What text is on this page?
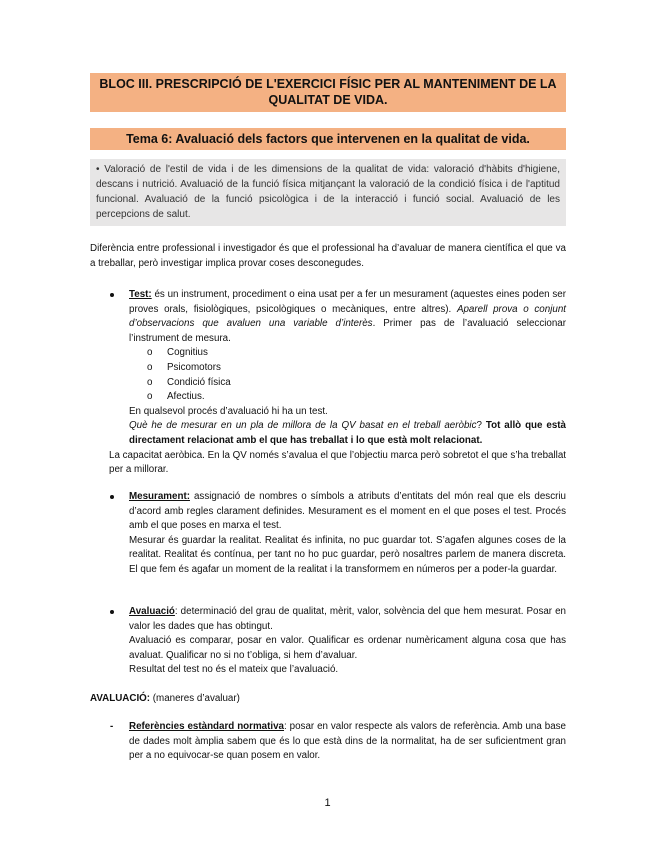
BLOC III. PRESCRIPCIÓ DE L'EXERCICI FÍSIC PER AL MANTENIMENT DE LA QUALITAT DE VIDA.
Tema 6: Avaluació dels factors que intervenen en la qualitat de vida.
• Valoració de l'estil de vida i de les dimensions de la qualitat de vida: valoració d'hàbits d'higiene, descans i nutrició. Avaluació de la funció física mitjançant la valoració de la condició física i de l'aptitud funcional. Avaluació de la funció psicològica i de la interacció i funció social. Avaluació de les percepcions de salut.
Diferència entre professional i investigador és que el professional ha d’avaluar de manera científica el que va a treballar, però investigar implica provar coses desconegudes.
Test: és un instrument, procediment o eina usat per a fer un mesurament (aquestes eines poden ser proves orals, fisiològiques, psicològiques o mecàniques, entre altres). Aparell prova o conjunt d’observacions que avaluen una variable d’interès. Primer pas de l’avaluació seleccionar l’instrument de mesura.
o Cognitius
o Psicomotors
o Condició física
o Afectius.
En qualsevol procés d’avaluació hi ha un test.
Què he de mesurar en un pla de millora de la QV basat en el treball aeròbic? Tot allò que està directament relacionat amb el que has treballat i lo que està molt relacionat.
La capacitat aeròbica. En la QV només s’avalua el que l’objectiu marca però sobretot el que s’ha treballat per a millorar.
Mesurament: assignació de nombres o símbols a atributs d’entitats del món real que els descriu d’acord amb regles clarament definides. Mesurament es el moment en el que poses el test. Procés amb el que poses en marxa el test.
Mesurar és guardar la realitat. Realitat és infinita, no puc guardar tot. S’agafen algunes coses de la realitat. Realitat és contínua, per tant no ho puc guardar, però nosaltres parlem de manera discreta. El que fem és agafar un moment de la realitat i la transformem en números per a poder-la guardar.
Avaluació: determinació del grau de qualitat, mèrit, valor, solvència del que hem mesurat. Posar en valor les dades que has obtingut.
Avaluació es comparar, posar en valor. Qualificar es ordenar numèricament alguna cosa que has avaluat. Qualificar no si no t’obliga, si hem d’avaluar.
Resultat del test no és el mateix que l’avaluació.
AVALUACIÓ: (maneres d’avaluar)
- Referències estàndard normativa: posar en valor respecte als valors de referència. Amb una base de dades molt àmplia sabem que és lo que està dins de la normalitat, ha de ser suficientment gran per a no equivocar-se quan posem en valor.
1
